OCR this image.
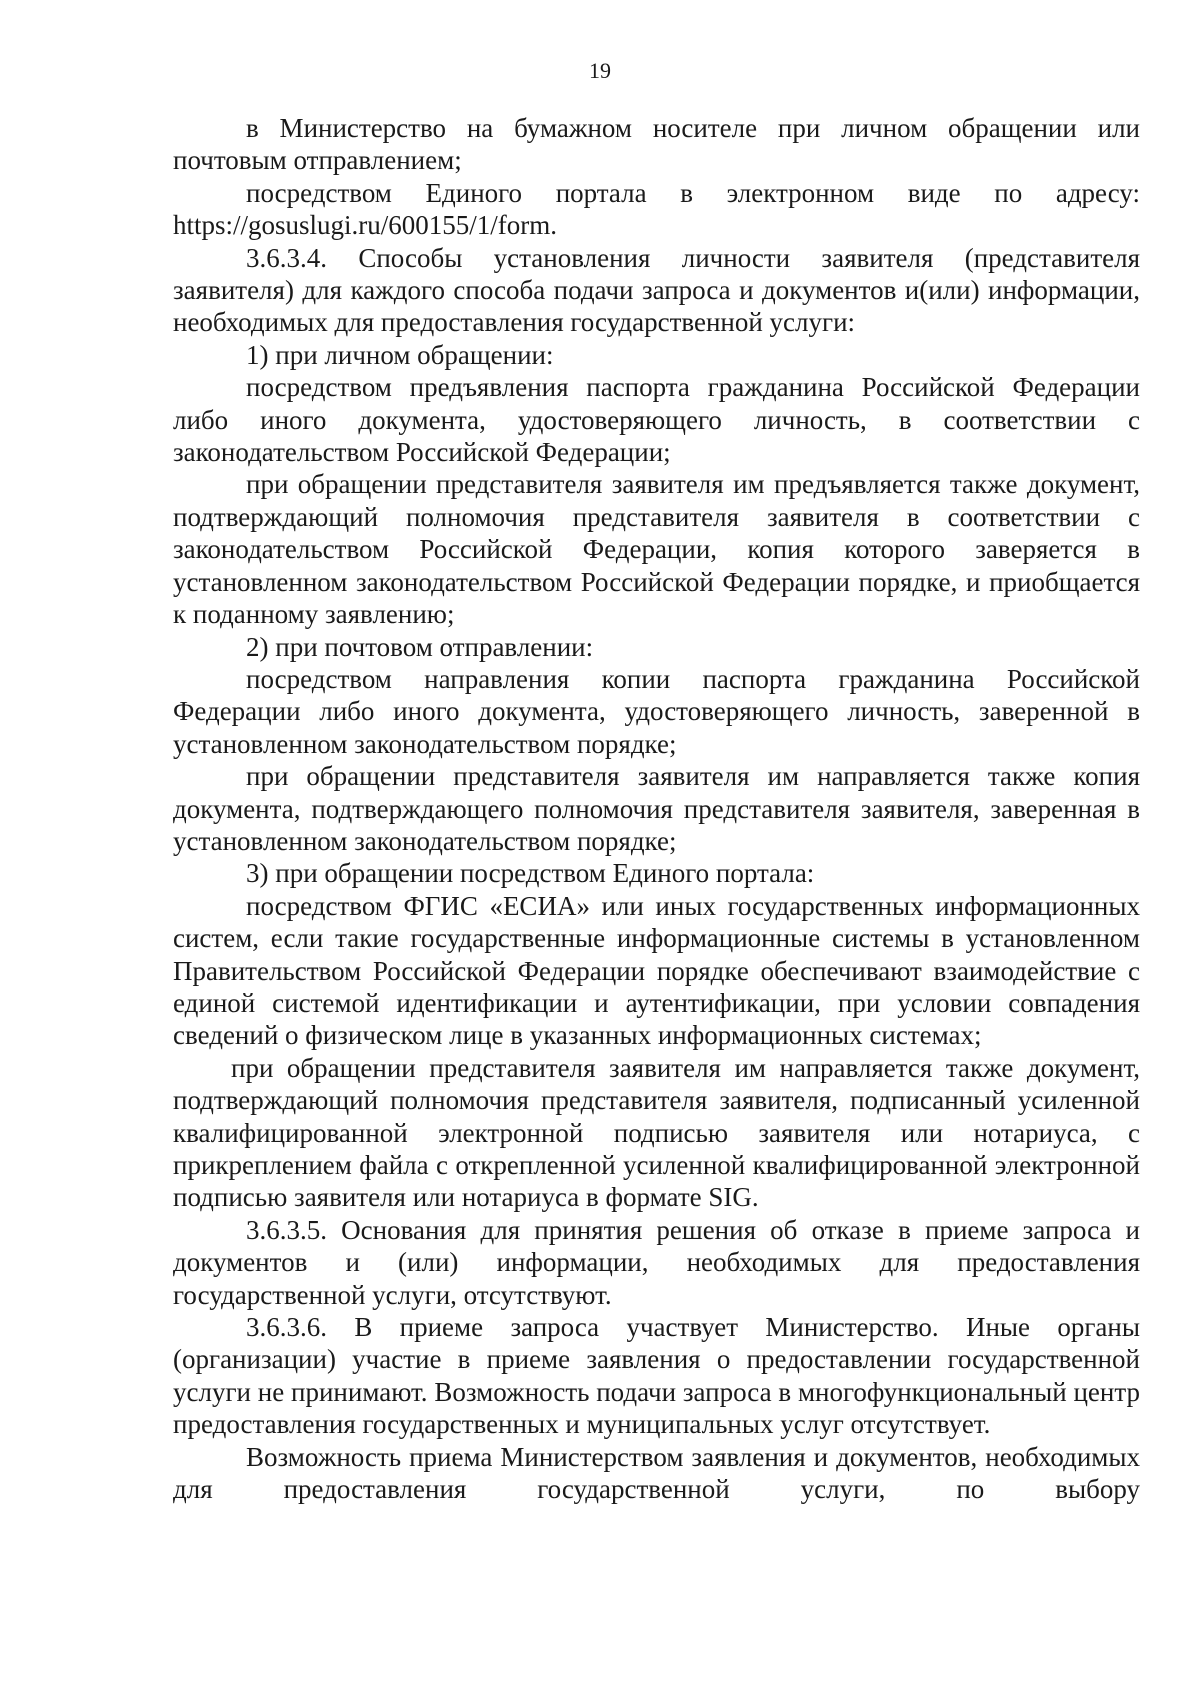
19

в Министерство на бумажном носителе при личном обращении или почтовым отправлением;

посредством Единого портала в электронном виде по адресу: https://gosuslugi.ru/600155/1/form.

3.6.3.4. Способы установления личности заявителя (представителя заявителя) для каждого способа подачи запроса и документов и(или) информации, необходимых для предоставления государственной услуги:

1) при личном обращении:

посредством предъявления паспорта гражданина Российской Федерации либо иного документа, удостоверяющего личность, в соответствии с законодательством Российской Федерации;

при обращении представителя заявителя им предъявляется также документ, подтверждающий полномочия представителя заявителя в соответствии с законодательством Российской Федерации, копия которого заверяется в установленном законодательством Российской Федерации порядке, и приобщается к поданному заявлению;

2) при почтовом отправлении:

посредством направления копии паспорта гражданина Российской Федерации либо иного документа, удостоверяющего личность, заверенной в установленном законодательством порядке;

при обращении представителя заявителя им направляется также копия документа, подтверждающего полномочия представителя заявителя, заверенная в установленном законодательством порядке;

3) при обращении посредством Единого портала:

посредством ФГИС «ЕСИА» или иных государственных информационных систем, если такие государственные информационные системы в установленном Правительством Российской Федерации порядке обеспечивают взаимодействие с единой системой идентификации и аутентификации, при условии совпадения сведений о физическом лице в указанных информационных системах;

при обращении представителя заявителя им направляется также документ, подтверждающий полномочия представителя заявителя, подписанный усиленной квалифицированной электронной подписью заявителя или нотариуса, с прикреплением файла с открепленной усиленной квалифицированной электронной подписью заявителя или нотариуса в формате SIG.

3.6.3.5. Основания для принятия решения об отказе в приеме запроса и документов и (или) информации, необходимых для предоставления государственной услуги, отсутствуют.

3.6.3.6. В приеме запроса участвует Министерство. Иные органы (организации) участие в приеме заявления о предоставлении государственной услуги не принимают. Возможность подачи запроса в многофункциональный центр предоставления государственных и муниципальных услуг отсутствует.

Возможность приема Министерством заявления и документов, необходимых для предоставления государственной услуги, по выбору
